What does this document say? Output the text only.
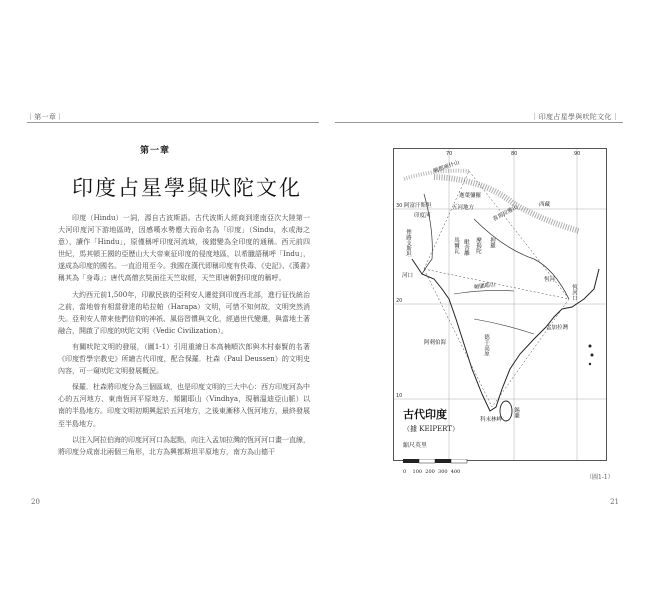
｜第一章｜
第一章
印度占星學與吠陀文化

印度（Hindu）一詞，源自古波斯語。古代波斯人經商到達南亞次大陸第一大河印度河下游地區時，因感嘆水勢應大而命名為「印度」（Sindu，水或海之意），讀作「Hindu」，原僅稱呼印度河流域，後錯變為全印度的通稱。西元前四世紀，馬其頓王國的亞歷山大大帝東征印度的侵度地區，以希臘語稱呼「Indu」，遂成為印度的國名。一直沿用至今。我國在漢代即稱印度有佚毒、《史記》、《漢書》稱其為「身毒」；唐代高僧玄奘面往天竺取經，天竺即唐朝對印度的稱呼。

大約西元前1,500年，印歐民族的亞利安人遷徙到印度西北部，進行征伐統治之前，當地曾有相當發達的哈拉帕（Harapa）文明，可惜不知何故，文明突然消失。亞利安人帶來他們信仰的神祇、風俗習慣與文化，經過世代變遷，與當地土著融合，開啟了印度的吠陀文明（Vedic Civilization）。

有關吠陀文明的發展，（圖1-1）引用重繪日本高楠順次郎與木村泰賢的名著《印度哲學宗教史》所繪古代印度，配合保羅．杜森（Paul Deussen）的文明史內容，可一窺吠陀文明發展概況。

保羅．杜森將印度分為三個區域，也是印度文明的三大中心：西方印度河為中心的五河地方、東南恆河平原地方、頻闍耶山（Vindhya，現稱溫迪亞山脈）以南的半島地方。印度文明初期興起於五河地方，之後東漸移入恆河地方，最終發展至半島地方。

以注入阿拉伯海的印度河河口為起點，向注入孟加拉灣的恆河河口畫一直線，將印度分成南北兩個三角形，北方為興都斯坦平原地方，南方為山德干

20
｜印度占星學與吠陀文化｜
70	80	90
30
20
10
興都庫什山
印度河
阿富汗斯坦	西藏
迦葉彌羅
五河地方
俾路支斯坦
喜馬拉雅山
馬爾瓦 毗舍離 摩揭陀 拘羅
頻闍耶山
河口
恆河
恆河口
孟加拉灣
阿剌伯海	德干高原
科末林岬
錫蘭
古代印度
（據 KEIPERT）
縮尺英里
0 100 200 300 400
（圖1-1）
21
